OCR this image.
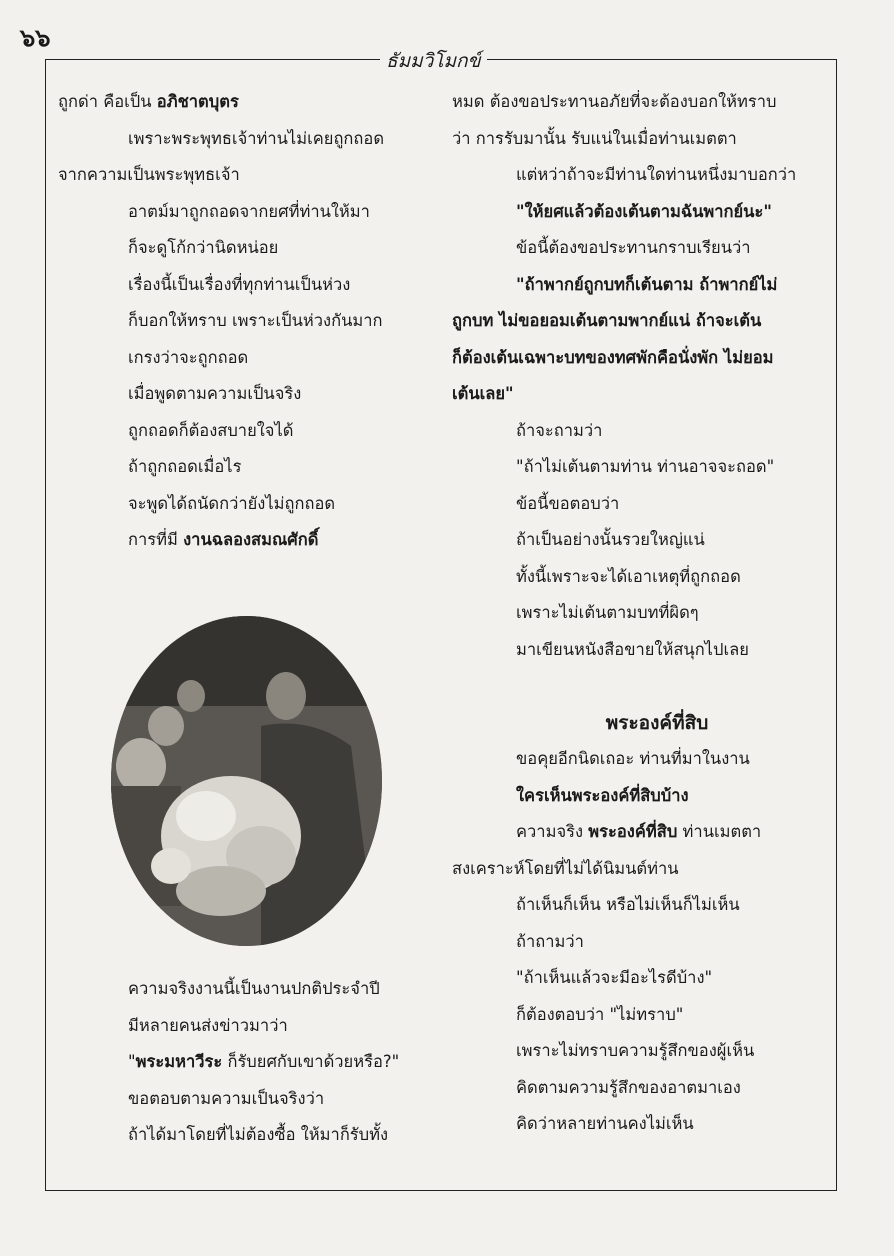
๖๖
ธัมมวิโมกข์
ถูกด่า คือเป็น อภิชาตบุตร
เพราะพระพุทธเจ้าท่านไม่เคยถูกถอด
จากความเป็นพระพุทธเจ้า
อาตม์มาถูกถอดจากยศที่ท่านให้มา
ก็จะดูโก้กว่านิดหน่อย
เรื่องนี้เป็นเรื่องที่ทุกท่านเป็นห่วง
ก็บอกให้ทราบ เพราะเป็นห่วงกันมาก
เกรงว่าจะถูกถอด
เมื่อพูดตามความเป็นจริง
ถูกถอดก็ต้องสบายใจได้
ถ้าถูกถอดเมื่อไร
จะพูดได้ถนัดกว่ายังไม่ถูกถอด
การที่มี งานฉลองสมณศักดิ์
ความจริงงานนี้เป็นงานปกติประจำปี
มีหลายคนส่งข่าวมาว่า
"พระมหาวีระ ก็รับยศกับเขาด้วยหรือ?"
ขอตอบตามความเป็นจริงว่า
ถ้าได้มาโดยที่ไม่ต้องซื้อ ให้มาก็รับทั้ง
หมด ต้องขอประทานอภัยที่จะต้องบอกให้ทราบ
ว่า การรับมานั้น รับแน่ในเมื่อท่านเมตตา
แต่หว่าถ้าจะมีท่านใดท่านหนึ่งมาบอกว่า
"ให้ยศแล้วต้องเต้นตามฉันพากย์นะ"
ข้อนี้ต้องขอประทานกราบเรียนว่า
"ถ้าพากย์ถูกบทก็เต้นตาม ถ้าพากย์ไม่
ถูกบท ไม่ขอยอมเต้นตามพากย์แน่ ถ้าจะเต้น
ก็ต้องเต้นเฉพาะบทของทศพักคือนั่งพัก ไม่ยอม
เต้นเลย"
ถ้าจะถามว่า
"ถ้าไม่เต้นตามท่าน ท่านอาจจะถอด"
ข้อนี้ขอตอบว่า
ถ้าเป็นอย่างนั้นรวยใหญ่แน่
ทั้งนี้เพราะจะได้เอาเหตุที่ถูกถอด
เพราะไม่เต้นตามบทที่ผิดๆ
มาเขียนหนังสือขายให้สนุกไปเลย
พระองค์ที่สิบ
ขอคุยอีกนิดเถอะ ท่านที่มาในงาน
ใครเห็นพระองค์ที่สิบบ้าง
ความจริง พระองค์ที่สิบ ท่านเมตตา
สงเคราะห์โดยที่ไม่ได้นิมนต์ท่าน
ถ้าเห็นก็เห็น หรือไม่เห็นก็ไม่เห็น
ถ้าถามว่า
"ถ้าเห็นแล้วจะมีอะไรดีบ้าง"
ก็ต้องตอบว่า "ไม่ทราบ"
เพราะไม่ทราบความรู้สึกของผู้เห็น
คิดตามความรู้สึกของอาตมาเอง
คิดว่าหลายท่านคงไม่เห็น
